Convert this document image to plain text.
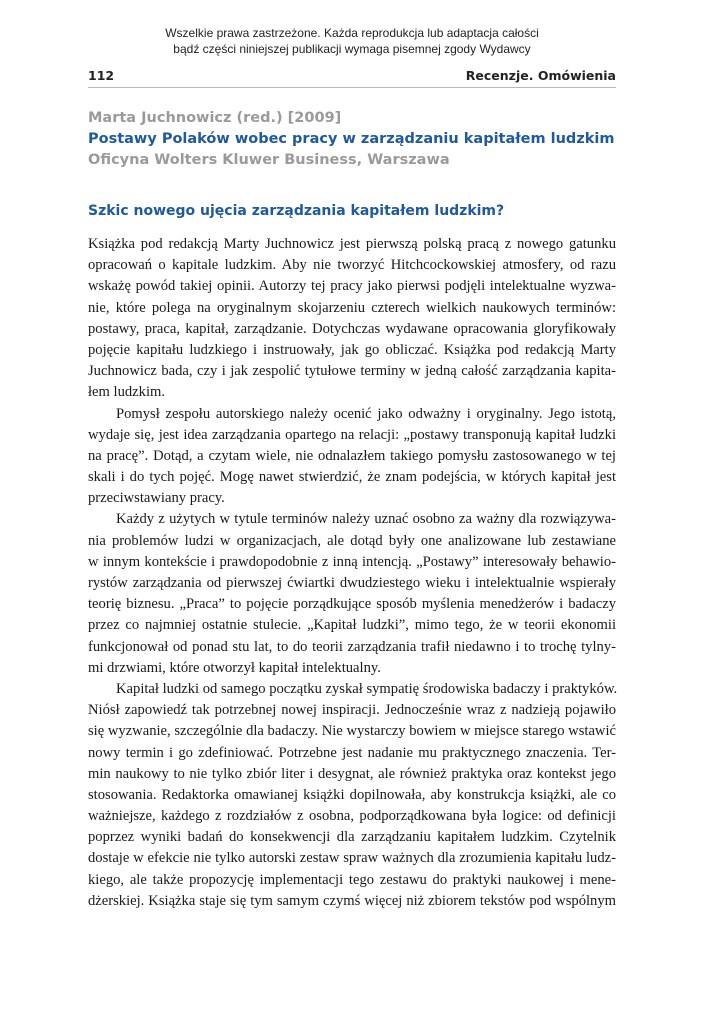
Wszelkie prawa zastrzeżone. Każda reprodukcja lub adaptacja całości
bądź części niniejszej publikacji wymaga pisemnej zgody Wydawcy
112	Recenzje. Omówienia
Marta Juchnowicz (red.) [2009]
Postawy Polaków wobec pracy w zarządzaniu kapitałem ludzkim
Oficyna Wolters Kluwer Business, Warszawa
Szkic nowego ujęcia zarządzania kapitałem ludzkim?
Książka pod redakcją Marty Juchnowicz jest pierwszą polską pracą z nowego gatunku
opracowań o kapitale ludzkim. Aby nie tworzyć Hitchcockowskiej atmosfery, od razu
wskażę powód takiej opinii. Autorzy tej pracy jako pierwsi podjęli intelektualne wyzwa-
nie, które polega na oryginalnym skojarzeniu czterech wielkich naukowych terminów:
postawy, praca, kapitał, zarządzanie. Dotychczas wydawane opracowania gloryfikowały
pojęcie kapitału ludzkiego i instruowały, jak go obliczać. Książka pod redakcją Marty
Juchnowicz bada, czy i jak zespolić tytułowe terminy w jedną całość zarządzania kapita-
łem ludzkim.
Pomysł zespołu autorskiego należy ocenić jako odważny i oryginalny. Jego istotą,
wydaje się, jest idea zarządzania opartego na relacji: „postawy transponują kapitał ludzki
na pracę”. Dotąd, a czytam wiele, nie odnalazłem takiego pomysłu zastosowanego w tej
skali i do tych pojęć. Mogę nawet stwierdzić, że znam podejścia, w których kapitał jest
przeciwstawiany pracy.
Każdy z użytych w tytule terminów należy uznać osobno za ważny dla rozwiązywa-
nia problemów ludzi w organizacjach, ale dotąd były one analizowane lub zestawiane
w innym kontekście i prawdopodobnie z inną intencją. „Postawy” interesowały behawio-
rystów zarządzania od pierwszej ćwiartki dwudziestego wieku i intelektualnie wspierały
teorię biznesu. „Praca” to pojęcie porządkujące sposób myślenia menedżerów i badaczy
przez co najmniej ostatnie stulecie. „Kapitał ludzki”, mimo tego, że w teorii ekonomii
funkcjonował od ponad stu lat, to do teorii zarządzania trafił niedawno i to trochę tylny-
mi drzwiami, które otworzył kapitał intelektualny.
Kapitał ludzki od samego początku zyskał sympatię środowiska badaczy i praktyków.
Niósł zapowiedź tak potrzebnej nowej inspiracji. Jednocześnie wraz z nadzieją pojawiło
się wyzwanie, szczególnie dla badaczy. Nie wystarczy bowiem w miejsce starego wstawić
nowy termin i go zdefiniować. Potrzebne jest nadanie mu praktycznego znaczenia. Ter-
min naukowy to nie tylko zbiór liter i desygnat, ale również praktyka oraz kontekst jego
stosowania. Redaktorka omawianej książki dopilnowała, aby konstrukcja książki, ale co
ważniejsze, każdego z rozdziałów z osobna, podporządkowana była logice: od definicji
poprzez wyniki badań do konsekwencji dla zarządzaniu kapitałem ludzkim. Czytelnik
dostaje w efekcie nie tylko autorski zestaw spraw ważnych dla zrozumienia kapitału ludz-
kiego, ale także propozycję implementacji tego zestawu do praktyki naukowej i mene-
dżerskiej. Książka staje się tym samym czymś więcej niż zbiorem tekstów pod wspólnym
